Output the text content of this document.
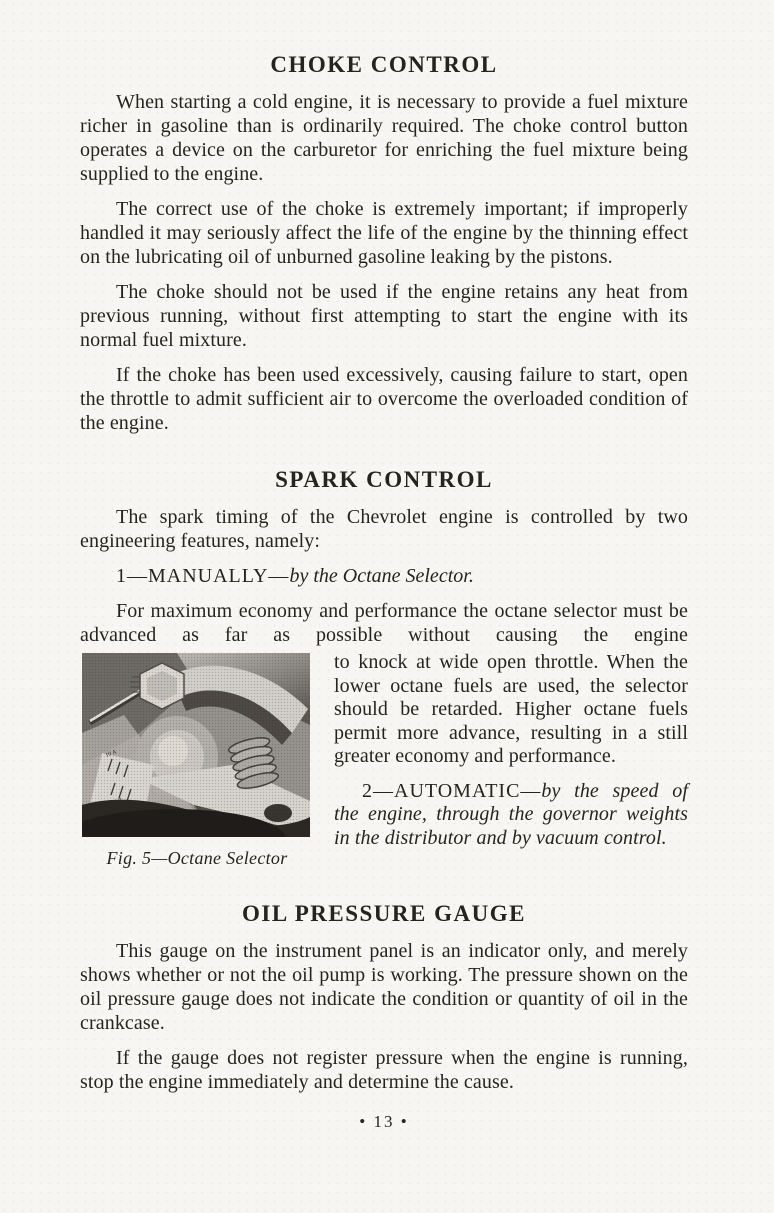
CHOKE CONTROL

When starting a cold engine, it is necessary to provide a fuel mixture richer in gasoline than is ordinarily required. The choke control button operates a device on the carburetor for enriching the fuel mixture being supplied to the engine.

The correct use of the choke is extremely important; if improperly handled it may seriously affect the life of the engine by the thinning effect on the lubricating oil of unburned gasoline leaking by the pistons.

The choke should not be used if the engine retains any heat from previous running, without first attempting to start the engine with its normal fuel mixture.

If the choke has been used excessively, causing failure to start, open the throttle to admit sufficient air to overcome the overloaded condition of the engine.

SPARK CONTROL

The spark timing of the Chevrolet engine is controlled by two engineering features, namely:

1—MANUALLY—by the Octane Selector.

For maximum economy and performance the octane selector must be advanced as far as possible without causing the engine

Fig. 5—Octane Selector

to knock at wide open throttle. When the lower octane fuels are used, the selector should be retarded. Higher octane fuels permit more advance, resulting in a still greater economy and performance.

2—AUTOMATIC—by the speed of the engine, through the governor weights in the distributor and by vacuum control.

OIL PRESSURE GAUGE

This gauge on the instrument panel is an indicator only, and merely shows whether or not the oil pump is working. The pressure shown on the oil pressure gauge does not indicate the condition or quantity of oil in the crankcase.

If the gauge does not register pressure when the engine is running, stop the engine immediately and determine the cause.

• 13 •
